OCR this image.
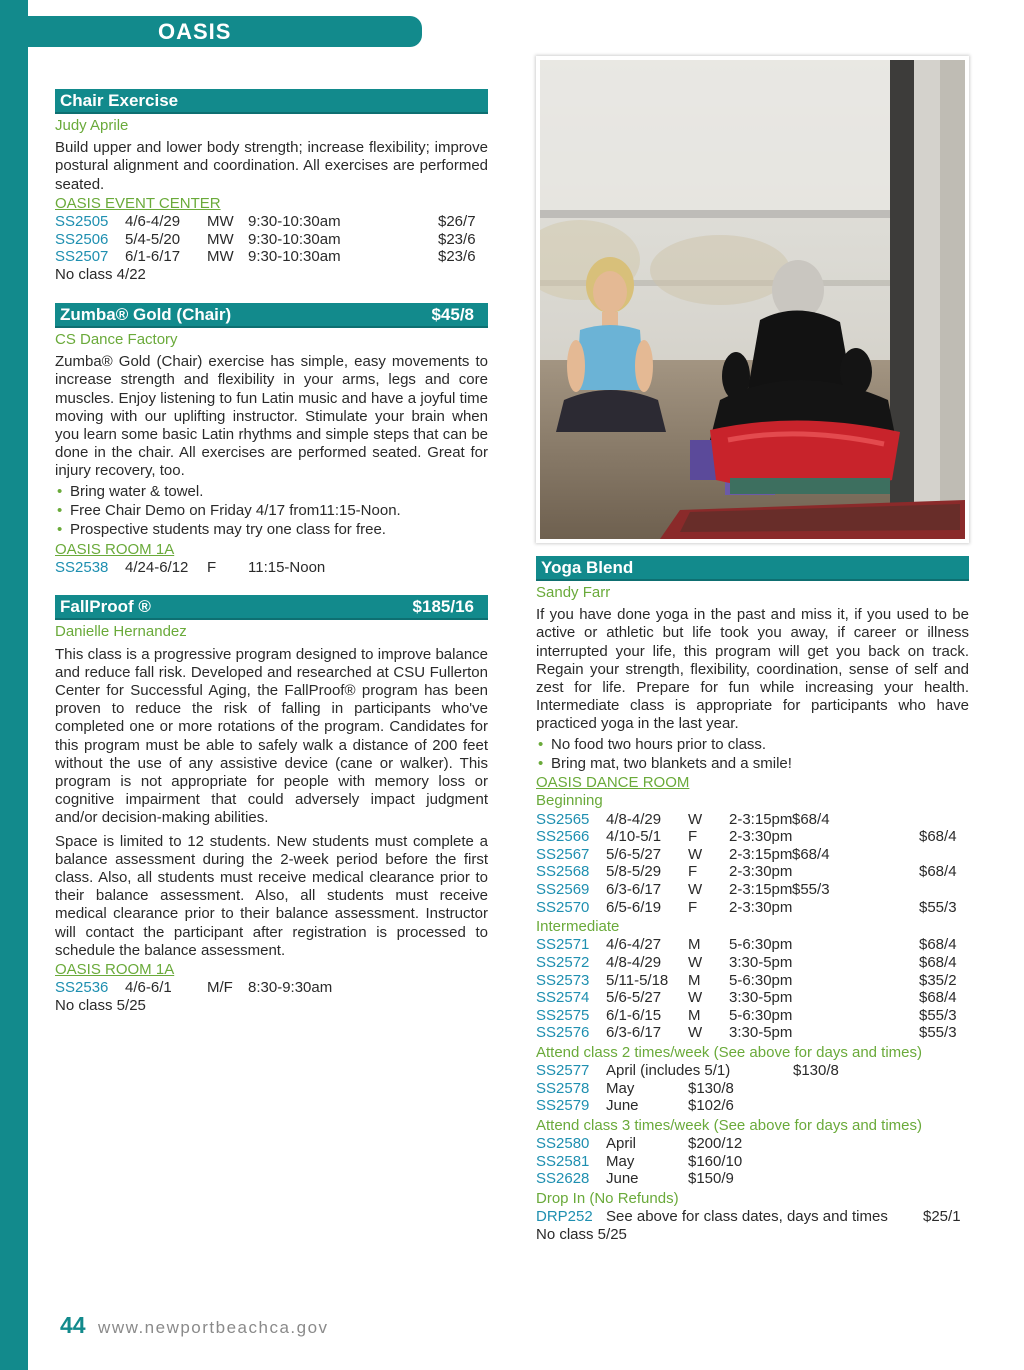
OASIS
Chair Exercise
Judy Aprile

Build upper and lower body strength; increase flexibility; improve postural alignment and coordination. All exercises are performed seated.

OASIS EVENT CENTER
SS2505 4/6-4/29 MW 9:30-10:30am	$26/7
SS2506 5/4-5/20 MW 9:30-10:30am	$23/6
SS2507 6/1-6/17 MW 9:30-10:30am	$23/6
No class 4/22
Zumba® Gold (Chair)	$45/8
CS Dance Factory

Zumba® Gold (Chair) exercise has simple, easy movements to increase strength and flexibility in your arms, legs and core muscles. Enjoy listening to fun Latin music and have a joyful time moving with our uplifting instructor. Stimulate your brain when you learn some basic Latin rhythms and simple steps that can be done in the chair. All exercises are performed seated. Great for injury recovery, too.

• Bring water & towel.
• Free Chair Demo on Friday 4/17 from11:15-Noon.
• Prospective students may try one class for free.
OASIS ROOM 1A
SS2538 4/24-6/12 F 11:15-Noon
FallProof ®	$185/16
Danielle Hernandez

This class is a progressive program designed to improve balance and reduce fall risk. Developed and researched at CSU Fullerton Center for Successful Aging, the FallProof® program has been proven to reduce the risk of falling in participants who've completed one or more rotations of the program. Candidates for this program must be able to safely walk a distance of 200 feet without the use of any assistive device (cane or walker). This program is not appropriate for people with memory loss or cognitive impairment that could adversely impact judgment and/or decision-making abilities.

Space is limited to 12 students. New students must complete a balance assessment during the 2-week period before the first class. Also, all students must receive medical clearance prior to their balance assessment. Also, all students must receive medical clearance prior to their balance assessment. Instructor will contact the participant after registration is processed to schedule the balance assessment.

OASIS ROOM 1A
SS2536 4/6-6/1 M/F 8:30-9:30am
No class 5/25
Yoga Blend
Sandy Farr

If you have done yoga in the past and miss it, if you used to be active or athletic but life took you away, if career or illness interrupted your life, this program will get you back on track. Regain your strength, flexibility, coordination, sense of self and zest for life. Prepare for fun while increasing your health. Intermediate class is appropriate for participants who have practiced yoga in the last year.

• No food two hours prior to class.
• Bring mat, two blankets and a smile!
OASIS DANCE ROOM
Beginning
SS2565 4/8-4/29 W 2-3:15pm $68/4
SS2566 4/10-5/1 F 2-3:30pm	$68/4
SS2567 5/6-5/27 W 2-3:15pm $68/4
SS2568 5/8-5/29 F 2-3:30pm	$68/4
SS2569 6/3-6/17 W 2-3:15pm $55/3
SS2570 6/5-6/19 F 2-3:30pm	$55/3
Intermediate
SS2571 4/6-4/27 M 5-6:30pm	$68/4
SS2572 4/8-4/29 W 3:30-5pm	$68/4
SS2573 5/11-5/18 M 5-6:30pm	$35/2
SS2574 5/6-5/27 W 3:30-5pm	$68/4
SS2575 6/1-6/15 M 5-6:30pm	$55/3
SS2576 6/3-6/17 W 3:30-5pm	$55/3
Attend class 2 times/week (See above for days and times)
SS2577 April (includes 5/1)	$130/8
SS2578 May	$130/8
SS2579 June	$102/6
Attend class 3 times/week (See above for days and times)
SS2580 April	$200/12
SS2581 May	$160/10
SS2628 June	$150/9
Drop In (No Refunds)
DRP252 See above for class dates, days and times $25/1
No class 5/25
44 www.newportbeachca.gov
